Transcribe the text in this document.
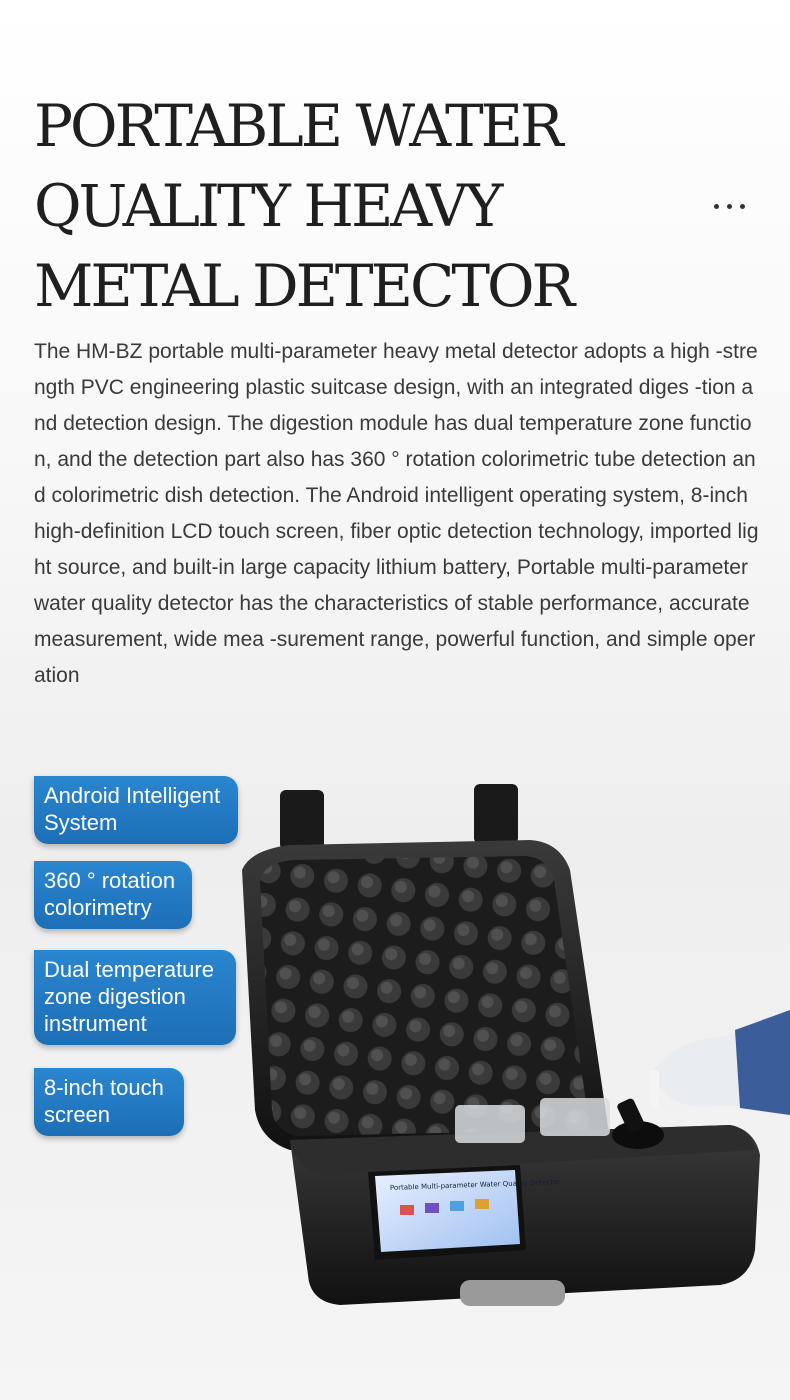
PORTABLE WATER QUALITY HEAVY METAL DETECTOR

The HM-BZ portable multi-parameter heavy metal detector adopts a high -strength PVC engineering plastic suitcase design, with an integrated diges -tion and detection design. The digestion module has dual temperature zone function, and the detection part also has 360 ° rotation colorimetric tube detection and colorimetric dish detection. The Android intelligent operating system, 8-inch high-definition LCD touch screen, fiber optic detection technology, imported light source, and built-in large capacity lithium battery, Portable multi-parameter water quality detector has the characteristics of stable performance, accurate measurement, wide mea -surement range, powerful function, and simple operation

Android Intelligent System
360 ° rotation colorimetry
Dual temperature zone digestion instrument
8-inch touch screen
Portable Multi-parameter Water Quality Detector
